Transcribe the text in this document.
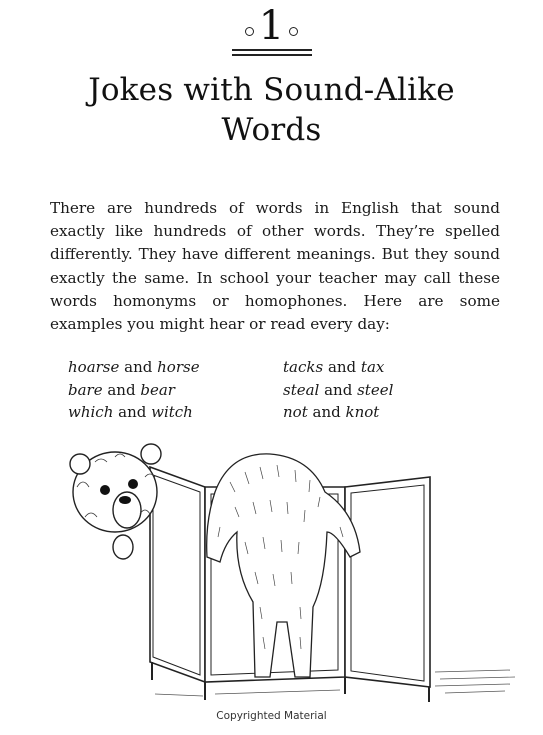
1
Jokes with Sound-Alike
Words
There are hundreds of words in English that sound exactly like hundreds of other words. They’re spelled differently. They have different meanings. But they sound exactly the same. In school your teacher may call these words homonyms or homophones. Here are some examples you might hear or read every day:
hoarse and horse	tacks and tax
bare and bear	steal and steel
which and witch	not and knot
Copyrighted Material
